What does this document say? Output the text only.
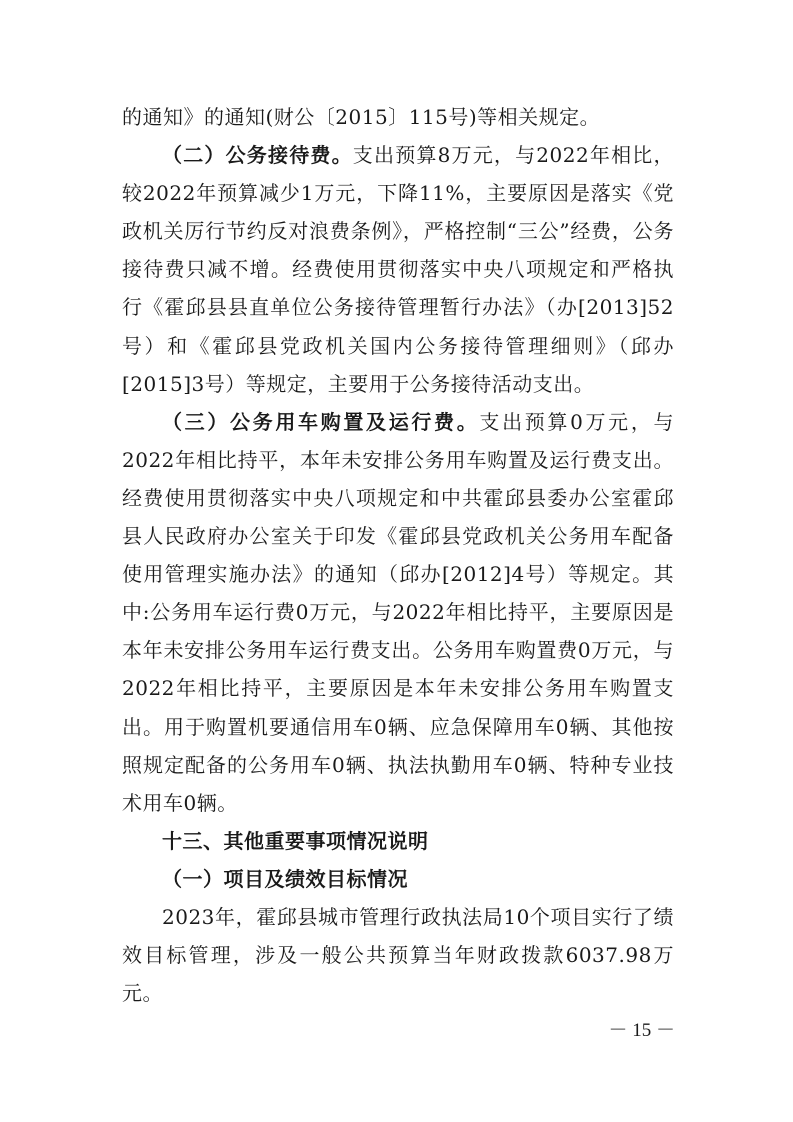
的通知》的通知(财公〔2015〕115号)等相关规定。

（二）公务接待费。支出预算8万元，与2022年相比，较2022年预算减少1万元，下降11%，主要原因是落实《党政机关厉行节约反对浪费条例》，严格控制“三公”经费，公务接待费只减不增。经费使用贯彻落实中央八项规定和严格执行《霍邱县县直单位公务接待管理暂行办法》（办[2013]52号）和《霍邱县党政机关国内公务接待管理细则》（邱办[2015]3号）等规定，主要用于公务接待活动支出。

（三）公务用车购置及运行费。支出预算0万元，与2022年相比持平，本年未安排公务用车购置及运行费支出。经费使用贯彻落实中央八项规定和中共霍邱县委办公室霍邱县人民政府办公室关于印发《霍邱县党政机关公务用车配备使用管理实施办法》的通知（邱办[2012]4号）等规定。其中:公务用车运行费0万元，与2022年相比持平，主要原因是本年未安排公务用车运行费支出。公务用车购置费0万元，与2022年相比持平，主要原因是本年未安排公务用车购置支出。用于购置机要通信用车0辆、应急保障用车0辆、其他按照规定配备的公务用车0辆、执法执勤用车0辆、特种专业技术用车0辆。

十三、其他重要事项情况说明

（一）项目及绩效目标情况

2023年，霍邱县城市管理行政执法局10个项目实行了绩效目标管理，涉及一般公共预算当年财政拨款6037.98万元。

－ 15 －
